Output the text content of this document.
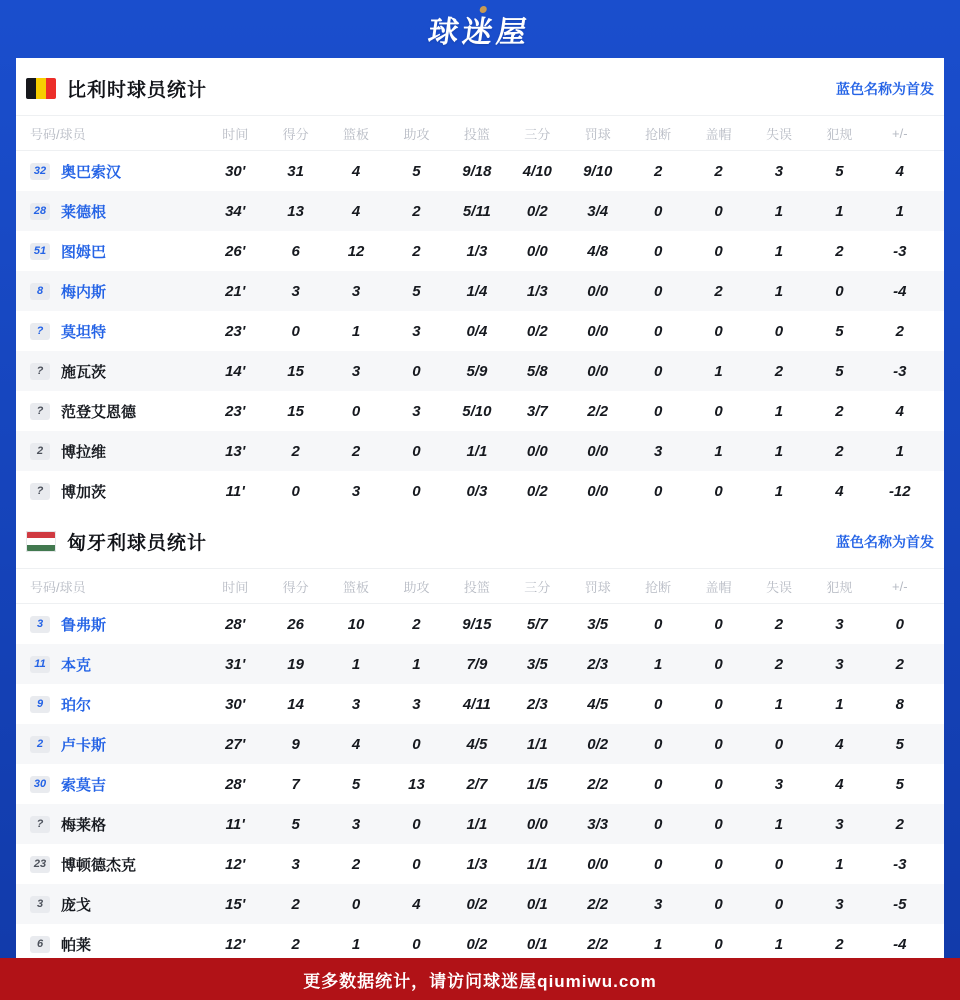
球迷屋
比利时球员统计	蓝色名称为首发
号码/球员	时间	得分	篮板	助攻	投篮	三分	罚球	抢断	盖帽	失误	犯规	+/-
32 奥巴索汉	30'	31	4	5	9/18	4/10	9/10	2	2	3	5	4
28 莱德根	34'	13	4	2	5/11	0/2	3/4	0	0	1	1	1
51 图姆巴	26'	6	12	2	1/3	0/0	4/8	0	0	1	2	-3
8	梅内斯	21'	3	3	5	1/4	1/3	0/0	0	2	1	0	-4
?	莫坦特	23'	0	1	3	0/4	0/2	0/0	0	0	0	5	2
?	施瓦茨	14'	15	3	0	5/9	5/8	0/0	0	1	2	5	-3
?	范登艾恩德	23'	15	0	3	5/10	3/7	2/2	0	0	1	2	4
2	博拉维	13'	2	2	0	1/1	0/0	0/0	3	1	1	2	1
?	博加茨	11'	0	3	0	0/3	0/2	0/0	0	0	1	4	-12
匈牙利球员统计	蓝色名称为首发
号码/球员	时间	得分	篮板	助攻	投篮	三分	罚球	抢断	盖帽	失误	犯规	+/-
3	鲁弗斯	28'	26	10	2	9/15	5/7	3/5	0	0	2	3	0
11 本克	31'	19	1	1	7/9	3/5	2/3	1	0	2	3	2
9	珀尔	30'	14	3	3	4/11	2/3	4/5	0	0	1	1	8
2	卢卡斯	27'	9	4	0	4/5	1/1	0/2	0	0	0	4	5
30 索莫吉	28'	7	5	13	2/7	1/5	2/2	0	0	3	4	5
?	梅莱格	11'	5	3	0	1/1	0/0	3/3	0	0	1	3	2
23 博顿德杰克	12'	3	2	0	1/3	1/1	0/0	0	0	0	1	-3
3	庞戈	15'	2	0	4	0/2	0/1	2/2	3	0	0	3	-5
6	帕莱	12'	2	1	0	0/2	0/1	2/2	1	0	1	2	-4
更多数据统计，请访问球迷屋qiumiwu.com
